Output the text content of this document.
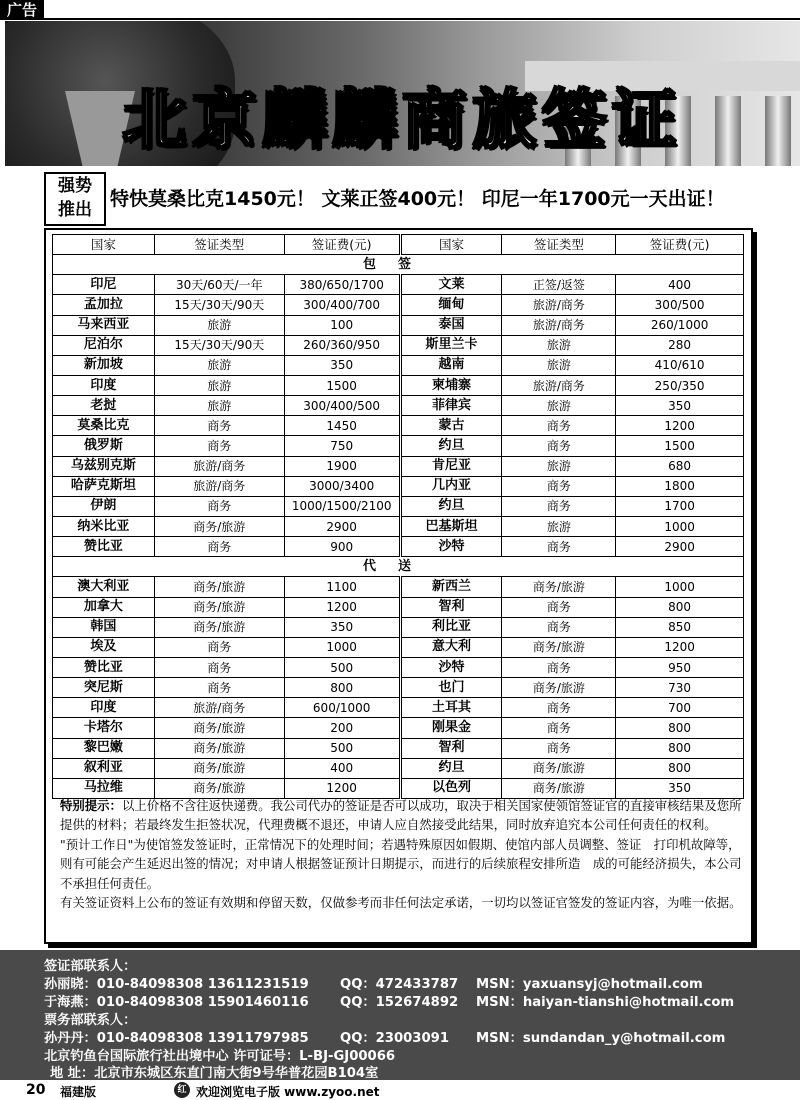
广告
北京麟麟商旅签证
强势
推出 特快莫桑比克1450元！ 文莱正签400元！ 印尼一年1700元一天出证！
国家	签证类型	签证费(元)	国家	签证类型	签证费(元)
包签					
印尼	30天/60天/一年	380/650/1700	文莱	正签/返签	400
孟加拉	15天/30天/90天	300/400/700	缅甸	旅游/商务	300/500
马来西亚	旅游	100	泰国	旅游/商务	260/1000
尼泊尔	15天/30天/90天	260/360/950	斯里兰卡	旅游	280
新加坡	旅游	350	越南	旅游	410/610
印度	旅游	1500	柬埔寨	旅游/商务	250/350
老挝	旅游	300/400/500	菲律宾	旅游	350
莫桑比克	商务	1450	蒙古	商务	1200
俄罗斯	商务	750	约旦	商务	1500
乌兹别克斯	旅游/商务	1900	肯尼亚	旅游	680
哈萨克斯坦	旅游/商务	3000/3400	几内亚	商务	1800
伊朗	商务	1000/1500/2100	约旦	商务	1700
纳米比亚	商务/旅游	2900	巴基斯坦	旅游	1000
赞比亚	商务	900	沙特	商务	2900
代送					
澳大利亚	商务/旅游	1100	新西兰	商务/旅游	1000
加拿大	商务/旅游	1200	智利	商务	800
韩国	商务/旅游	350	利比亚	商务	850
埃及	商务	1000	意大利	商务/旅游	1200
赞比亚	商务	500	沙特	商务	950
突尼斯	商务	800	也门	商务/旅游	730
印度	旅游/商务	600/1000	土耳其	商务	700
卡塔尔	商务/旅游	200	刚果金	商务	800
黎巴嫩	商务/旅游	500	智利	商务	800
叙利亚	商务/旅游	400	约旦	商务/旅游	800
马拉维	商务/旅游	1200	以色列	商务/旅游	350

特别提示：以上价格不含往返快递费。我公司代办的签证是否可以成功，取决于相关国家使领馆签证官的直接审核结果及您所提供的材料；若最终发生拒签状况，代理费概不退还，申请人应自然接受此结果，同时放弃追究本公司任何责任的权利。

"预计工作日"为使馆签发签证时，正常情况下的处理时间；若遇特殊原因如假期、使馆内部人员调整、签证　打印机故障等，则有可能会产生延迟出签的情况；对申请人根据签证预计日期提示，而进行的后续旅程安排所造　成的可能经济损失，本公司不承担任何责任。

有关签证资料上公布的签证有效期和停留天数，仅做参考而非任何法定承诺，一切均以签证官签发的签证内容，为唯一依据。

签证部联系人：
孙丽晓：010-84098308 13611231519 QQ：472433787 MSN：yaxuansyj@hotmail.com
于海燕：010-84098308 15901460116 QQ：152674892 MSN：haiyan-tianshi@hotmail.com
票务部联系人：
孙丹丹：010-84098308 13911797985 QQ：23003091 MSN：sundandan_y@hotmail.com
北京钓鱼台国际旅行社出境中心 许可证号：L-BJ-GJ00066
地 址：北京市东城区东直门南大街9号华普花园B104室
20 福建版	红 欢迎浏览电子版 www.zyoo.net
